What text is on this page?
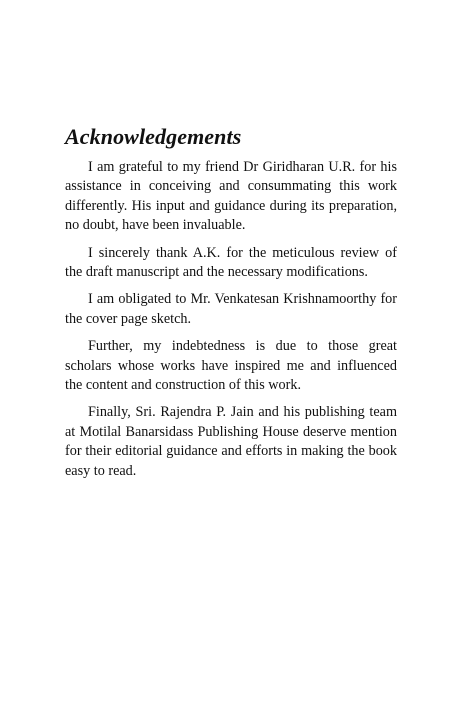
Acknowledgements

I am grateful to my friend Dr Giridharan U.R. for his assistance in conceiving and consummating this work differently. His input and guidance during its preparation, no doubt, have been invaluable.

I sincerely thank A.K. for the meticulous review of the draft manuscript and the necessary modifications.

I am obligated to Mr. Venkatesan Krishnamoorthy for the cover page sketch.

Further, my indebtedness is due to those great scholars whose works have inspired me and influenced the content and construction of this work.

Finally, Sri. Rajendra P. Jain and his publishing team at Motilal Banarsidass Publishing House deserve mention for their editorial guidance and efforts in making the book easy to read.
